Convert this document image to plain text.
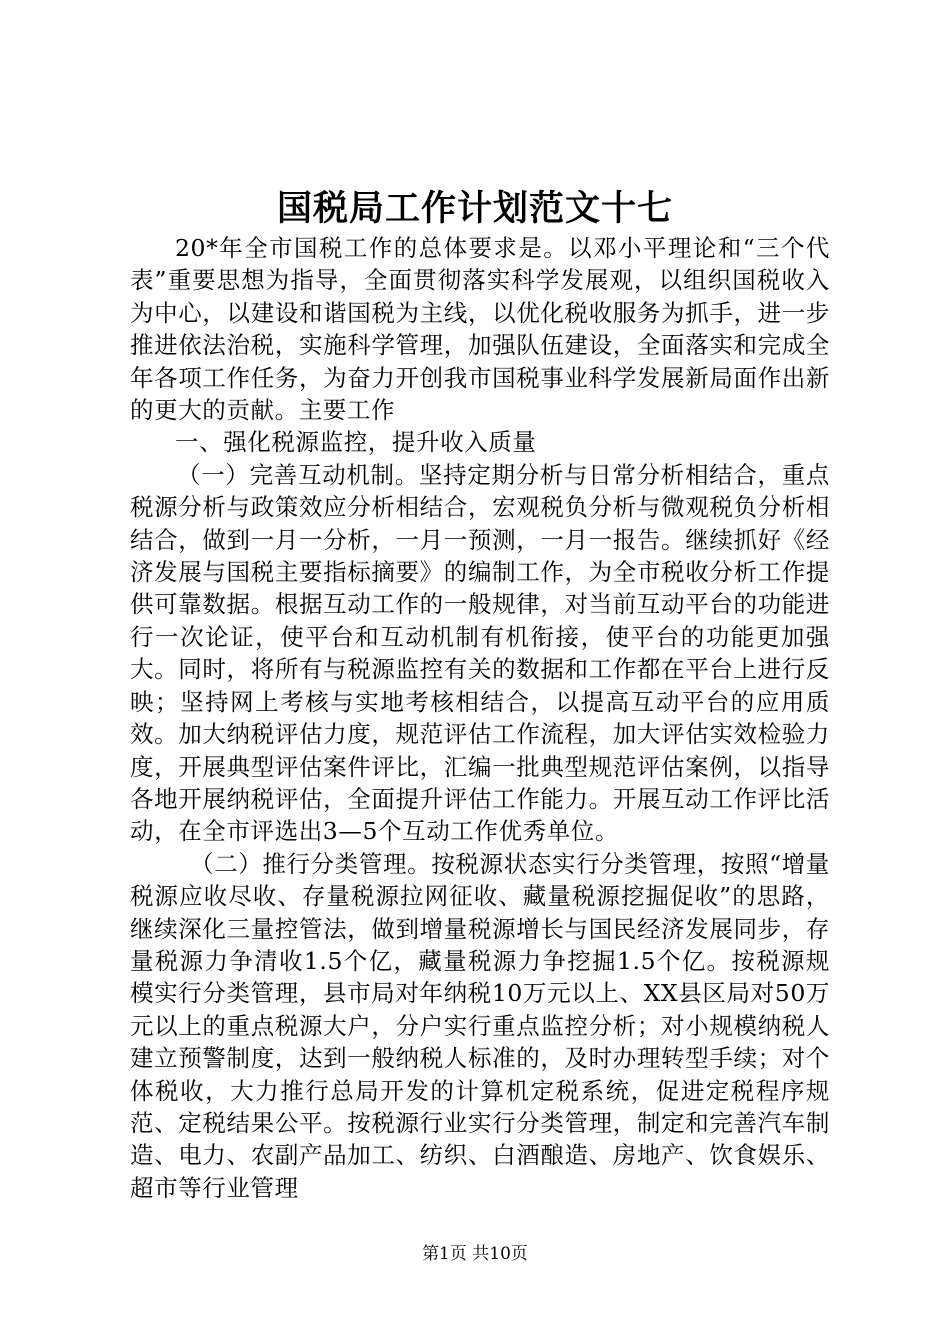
国税局工作计划范文十七

20*年全市国税工作的总体要求是。以邓小平理论和“三个代表”重要思想为指导，全面贯彻落实科学发展观，以组织国税收入为中心，以建设和谐国税为主线，以优化税收服务为抓手，进一步推进依法治税，实施科学管理，加强队伍建设，全面落实和完成全年各项工作任务，为奋力开创我市国税事业科学发展新局面作出新的更大的贡献。主要工作

一、强化税源监控，提升收入质量

（一）完善互动机制。坚持定期分析与日常分析相结合，重点税源分析与政策效应分析相结合，宏观税负分析与微观税负分析相结合，做到一月一分析，一月一预测，一月一报告。继续抓好《经济发展与国税主要指标摘要》的编制工作，为全市税收分析工作提供可靠数据。根据互动工作的一般规律，对当前互动平台的功能进行一次论证，使平台和互动机制有机衔接，使平台的功能更加强大。同时，将所有与税源监控有关的数据和工作都在平台上进行反映；坚持网上考核与实地考核相结合，以提高互动平台的应用质效。加大纳税评估力度，规范评估工作流程，加大评估实效检验力度，开展典型评估案件评比，汇编一批典型规范评估案例，以指导各地开展纳税评估，全面提升评估工作能力。开展互动工作评比活动，在全市评选出3—5个互动工作优秀单位。

（二）推行分类管理。按税源状态实行分类管理，按照“增量税源应收尽收、存量税源拉网征收、藏量税源挖掘促收”的思路，继续深化三量控管法，做到增量税源增长与国民经济发展同步，存量税源力争清收1.5个亿，藏量税源力争挖掘1.5个亿。按税源规模实行分类管理，县市局对年纳税10万元以上、XX县区局对50万元以上的重点税源大户，分户实行重点监控分析；对小规模纳税人建立预警制度，达到一般纳税人标准的，及时办理转型手续；对个体税收，大力推行总局开发的计算机定税系统，促进定税程序规范、定税结果公平。按税源行业实行分类管理，制定和完善汽车制造、电力、农副产品加工、纺织、白酒酿造、房地产、饮食娱乐、超市等行业管理

第1页 共10页
